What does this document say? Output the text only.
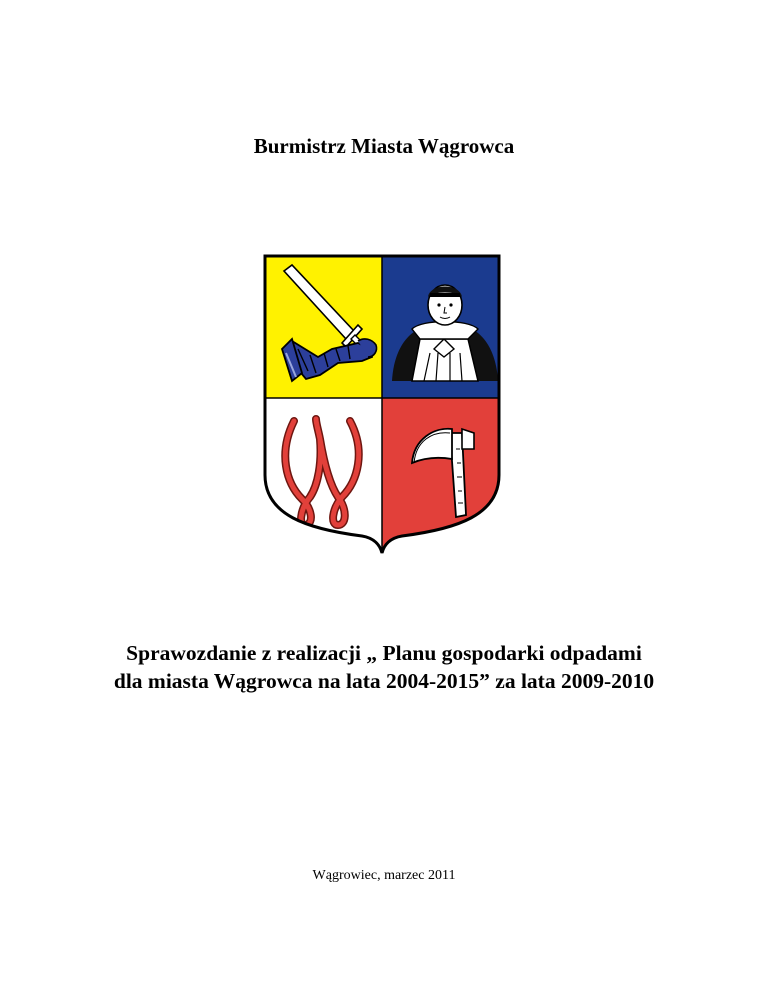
Burmistrz Miasta Wągrowca
Sprawozdanie z realizacji „ Planu gospodarki odpadami
dla miasta Wągrowca na lata 2004-2015” za lata 2009-2010
Wągrowiec, marzec 2011
